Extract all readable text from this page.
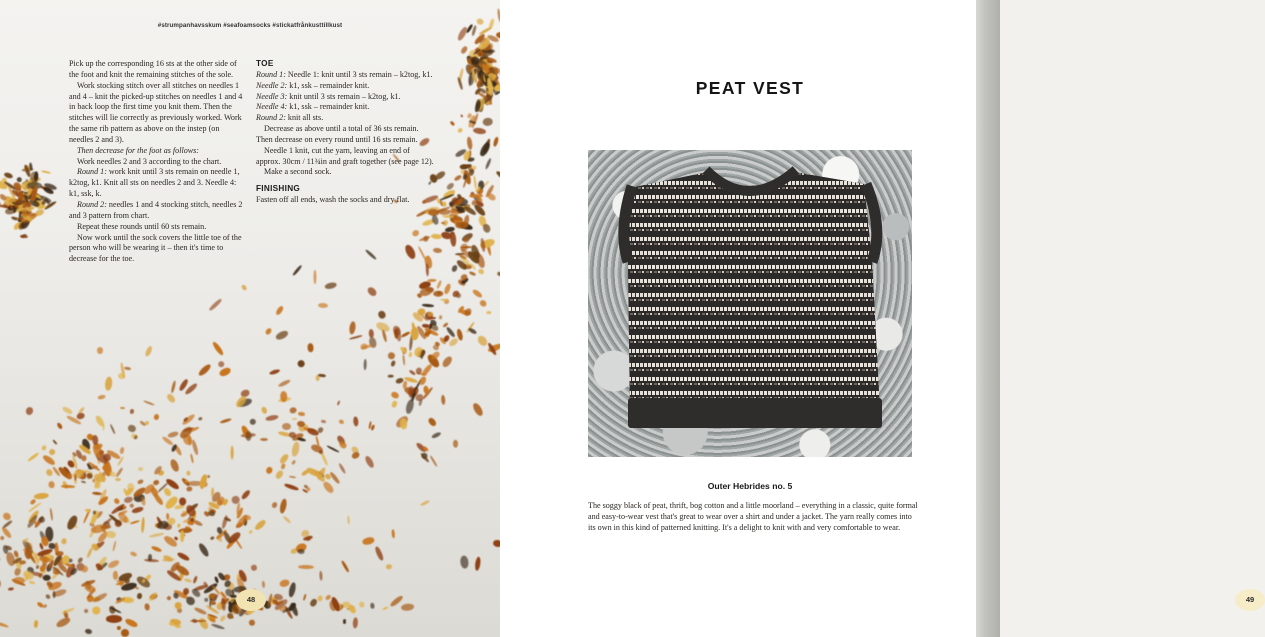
#strumpanhavsskum #seafoamsocks #stickatfrånkusttillkust

Pick up the corresponding 16 sts at the other side of the foot and knit the remaining stitches of the sole.

Work stocking stitch over all stitches on needles 1 and 4 – knit the picked-up stitches on needles 1 and 4 in back loop the first time you knit them. Then the stitches will lie correctly as previously worked. Work the same rib pattern as above on the instep (on needles 2 and 3).

Then decrease for the foot as follows:

Work needles 2 and 3 according to the chart.

Round 1: work knit until 3 sts remain on needle 1, k2tog, k1. Knit all sts on needles 2 and 3. Needle 4: k1, ssk, k.

Round 2: needles 1 and 4 stocking stitch, needles 2 and 3 pattern from chart.

Repeat these rounds until 60 sts remain.

Now work until the sock covers the little toe of the person who will be wearing it – then it's time to decrease for the toe.

TOE

Round 1: Needle 1: knit until 3 sts remain – k2tog, k1.

Needle 2: k1, ssk – remainder knit.

Needle 3: knit until 3 sts remain – k2tog, k1.

Needle 4: k1, ssk – remainder knit.

Round 2: knit all sts.

Decrease as above until a total of 36 sts remain. Then decrease on every round until 16 sts remain.

Needle 1 knit, cut the yarn, leaving an end of approx. 30cm / 11¾in and graft together (see page 12).

Make a second sock.

FINISHING

Fasten off all ends, wash the socks and dry flat.

48
PEAT VEST
Outer Hebrides no. 5

The soggy black of peat, thrift, bog cotton and a little moorland – everything in a classic, quite formal and easy-to-wear vest that's great to wear over a shirt and under a jacket. The yarn really comes into its own in this kind of patterned knitting. It's a delight to knit with and very comfortable to wear.

49
